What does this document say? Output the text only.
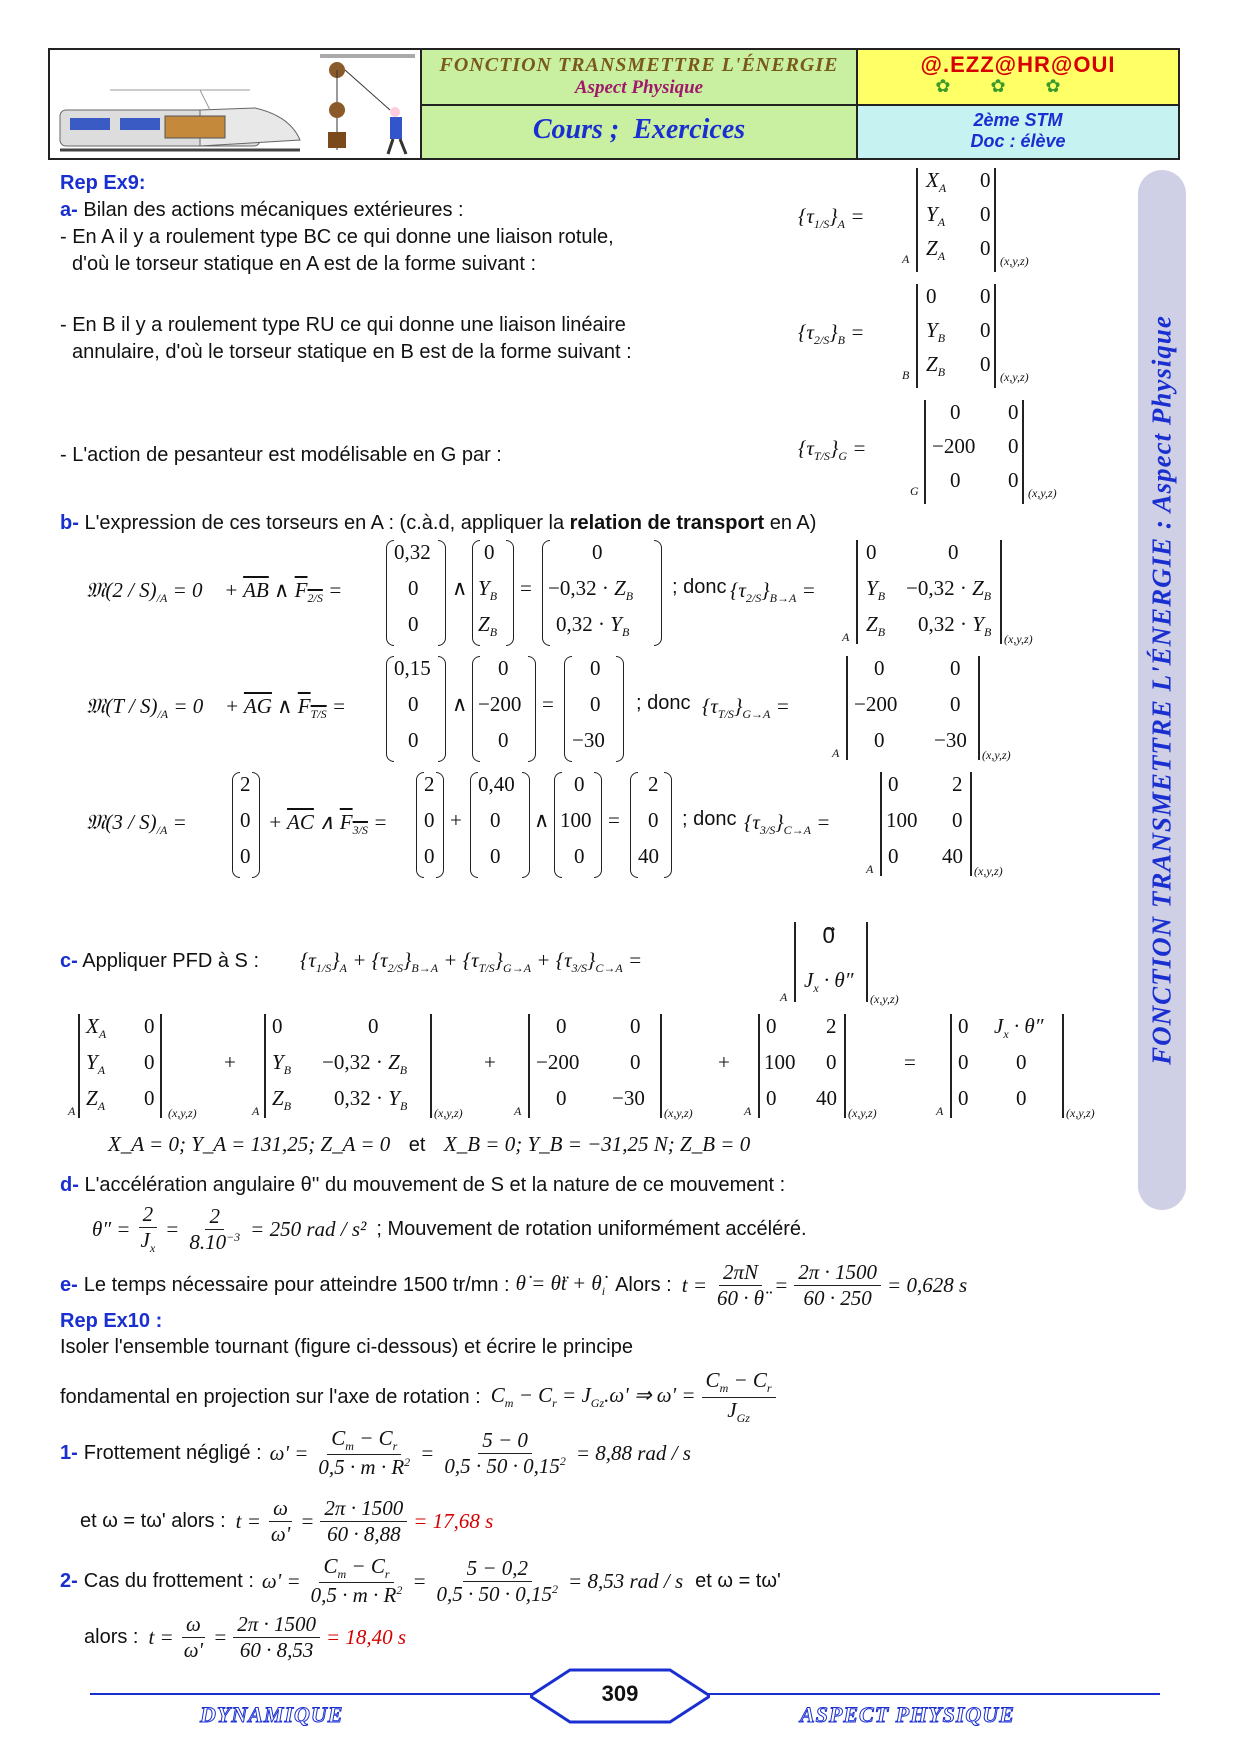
FONCTION TRANSMETTRE L'ÉNERGIE
Aspect Physique
Cours ;  Exercices
@.EZZ@HR@OUI
✿✿✿
2ème STM
Doc : élève
FONCTION TRANSMETTRE L'ÉNERGIE : Aspect Physique
Rep Ex9:
a- Bilan des actions mécaniques extérieures :
- En A il y a roulement type BC ce qui donne une liaison rotule,
d'où le torseur statique en A est de la forme suivant :
- En B il y a roulement type RU ce qui donne une liaison linéaire
annulaire, d'où le torseur statique en B est de la forme suivant :
- L'action de pesanteur est modélisable en G par :
$\{\tau_{1/S}\}_A$ =
$X_A$ 0
$Y_A$ 0
$Z_A$ 0
A	(x,y,z)
$\{\tau_{2/S}\}_B$ =
0 0
$Y_B$ 0
$Z_B$ 0
B	(x,y,z)
$\{\tau_{T/S}\}_G$ =
0 0
−200 0
0 0
G	(x,y,z)
b- L'expression de ces torseurs en A : (c.à.d, appliquer la relation de transport en A)
𝔐(2 / $S)_{/A}$ = 0⃗ + $\overline{AB}$ ∧ $F_{2/S}$ =
0,32
0
0
∧
0
$Y_B$
$Z_B$
=
0
$-0,32 \cdot Z_B$
$0,32 \cdot Y_B$
; donc $\{\tau_{2/S}\}_{B\to A}$ =
0	0
$Y_B -0,32 \cdot Z_B$
$Z_B$ $0,32 \cdot Y_B$
A	(x,y,z)
𝔐(T / $S)_{/A}$ = 0⃗ + $\overline{AG}$ ∧ $F_{T/S}$ =
0,15
0
0
∧
0
−200
0
=
0
0
−30
; donc $\{\tau_{T/S}\}_{G\to A}$ =
0	0
−200	0
0 −30
A	(x,y,z)
𝔐(3 / $S)_{/A}$ =
2
0
0
+ $\overline{AC}$ ∧ $F_{3/S}$ =
2
0
0
+
0,40
0
0
∧
0
100
0
=
2
0
40
; donc $\{\tau_{3/S}\}_{C\to A}$ =
0	2
100 0
0 40
A	(x,y,z)
c- Appliquer PFD à S : $\{\tau_{1/S}\}_A + \{\tau_{2/S}\}_{B\to A} + \{\tau_{T/S}\}_{G\to A} + \{\tau_{3/S}\}_{C\to A}$ =
0⃗
$J_x \cdot \theta''$
A	(x,y,z)
$X_A$ 0
$Y_A$ 0
$Z_A$ 0
A	(x,y,z)
+
0	0
$Y_B -0,32 \cdot Z_B$
$Z_B$ $0,32 \cdot Y_B$
A	(x,y,z)
+
0	0
−200 0
0 −30
A	(x,y,z)
+
0 2
100 0
0 40
A	(x,y,z)
=
0 $J_x \cdot \theta''$
0 0
0 0
A	(x,y,z)
X_A = 0; Y_A = 131,25; Z_A = 0 et X_B = 0; Y_B = −31,25 N; Z_B = 0
d- L'accélération angulaire θ'' du mouvement de S et la nature de ce mouvement :
$\theta'' = \frac{2}{J_x} = \frac{2}{8.10^{-3}} = 250$ rad / s² ; Mouvement de rotation uniformément accéléré.
e- Le temps nécessaire pour atteindre 1500 tr/mn : θ̇ = θ̈t + $\thetȧ_i$ Alors : $t = \frac{2\pi N}{60 \cdot \thetä} = \frac{2\pi \cdot 1500}{60 \cdot 250} = 0,628$ s
Rep Ex10 :
Isoler l'ensemble tournant (figure ci-dessous) et écrire le principe
fondamental en projection sur l'axe de rotation : $C_m - C_r = J_{Gz}.\omega'$ ⇒ $\omega' = \frac{C_m - C_r}{J_{Gz}}$
1- Frottement négligé : $\omega' = \frac{C_m - C_r}{0,5 \cdot m \cdot R^2} = \frac{5 - 0}{0,5 \cdot 50 \cdot 0,15^2} = 8,88$ rad / s
et ω = tω' alors : $t = \frac{\omega}{\omega'} = \frac{2\pi \cdot 1500}{60 \cdot 8,88} = 17,68$ s
2- Cas du frottement : $\omega' = \frac{C_m - C_r}{0,5 \cdot m \cdot R^2} = \frac{5 - 0,2}{0,5 \cdot 50 \cdot 0,15^2} = 8,53$ rad / s et ω = tω'
alors : $t = \frac{\omega}{\omega'} = \frac{2\pi \cdot 1500}{60 \cdot 8,53} = 18,40$ s
309
DYNAMIQUE	ASPECT PHYSIQUE
